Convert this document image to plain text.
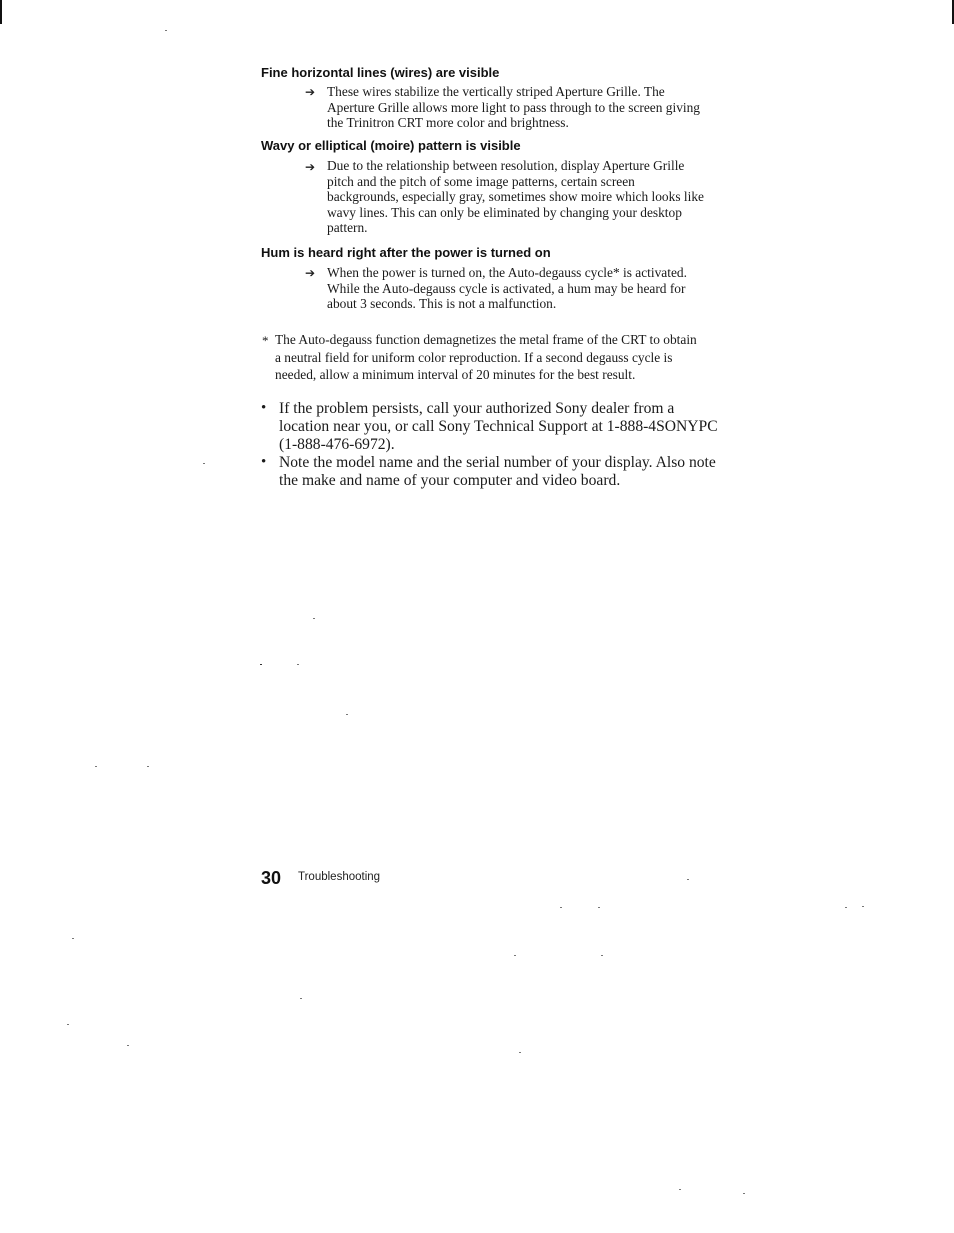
Fine horizontal lines (wires) are visible
➔ These wires stabilize the vertically striped Aperture Grille. The
Aperture Grille allows more light to pass through to the screen giving
the Trinitron CRT more color and brightness.
Wavy or elliptical (moire) pattern is visible
➔ Due to the relationship between resolution, display Aperture Grille
pitch and the pitch of some image patterns, certain screen
backgrounds, especially gray, sometimes show moire which looks like
wavy lines. This can only be eliminated by changing your desktop
pattern.
Hum is heard right after the power is turned on
➔ When the power is turned on, the Auto-degauss cycle* is activated.
While the Auto-degauss cycle is activated, a hum may be heard for
about 3 seconds. This is not a malfunction.
* The Auto-degauss function demagnetizes the metal frame of the CRT to obtain
a neutral field for uniform color reproduction. If a second degauss cycle is
needed, allow a minimum interval of 20 minutes for the best result.
• If the problem persists, call your authorized Sony dealer from a
location near you, or call Sony Technical Support at 1-888-4SONYPC
(1-888-476-6972).
• Note the model name and the serial number of your display. Also note
the make and name of your computer and video board.
30 Troubleshooting
